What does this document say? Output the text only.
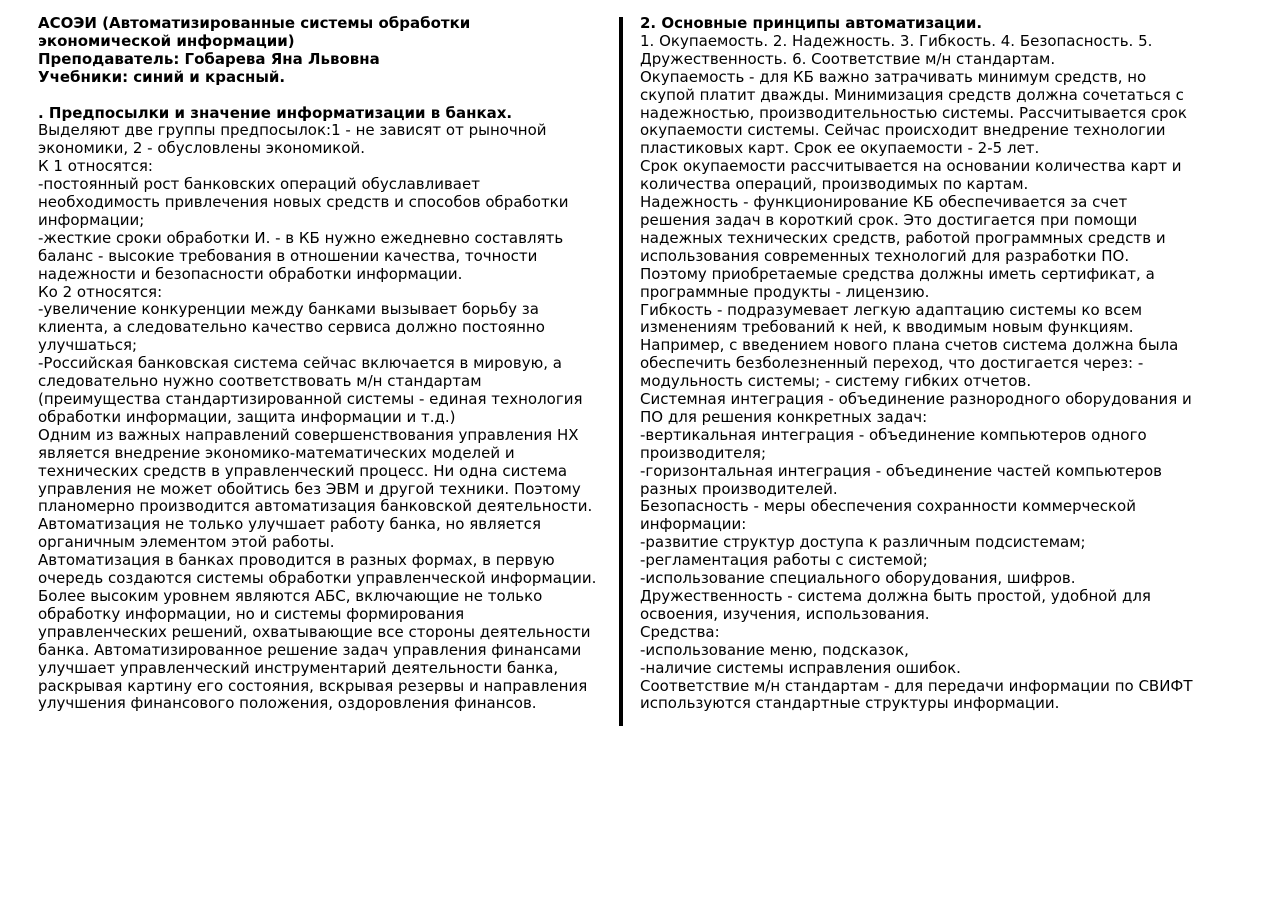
АСОЭИ (Автоматизированные системы обработки
экономической информации)
Преподаватель: Гобарева Яна Львовна
Учебники: синий и красный.
. Предпосылки и значение информатизации в банках.
Выделяют две группы предпосылок:1 - не зависят от рыночной
экономики, 2 - обусловлены экономикой.
К 1 относятся:
-постоянный рост банковских операций обуславливает
необходимость привлечения новых средств и способов обработки
информации;
-жесткие сроки обработки И. - в КБ нужно ежедневно составлять
баланс - высокие требования в отношении качества, точности
надежности и безопасности обработки информации.
Ко 2 относятся:
-увеличение конкуренции между банками вызывает борьбу за
клиента, а следовательно качество сервиса должно постоянно
улучшаться;
-Российская банковская система сейчас включается в мировую, а
следовательно нужно соответствовать м/н стандартам
(преимущества стандартизированной системы - единая технология
обработки информации, защита информации и т.д.)
Одним из важных направлений совершенствования управления НХ
является внедрение экономико-математических моделей и
технических средств в управленческий процесс. Ни одна система
управления не может обойтись без ЭВМ и другой техники. Поэтому
планомерно производится автоматизация банковской деятельности.
Автоматизация не только улучшает работу банка, но является
органичным элементом этой работы.
Автоматизация в банках проводится в разных формах, в первую
очередь создаются системы обработки управленческой информации.
Более высоким уровнем являются АБС, включающие не только
обработку информации, но и системы формирования
управленческих решений, охватывающие все стороны деятельности
банка. Автоматизированное решение задач управления финансами
улучшает управленческий инструментарий деятельности банка,
раскрывая картину его состояния, вскрывая резервы и направления
улучшения финансового положения, оздоровления финансов.
2. Основные принципы автоматизации.
1. Окупаемость. 2. Надежность. 3. Гибкость. 4. Безопасность. 5.
Дружественность. 6. Соответствие м/н стандартам.
Окупаемость - для КБ важно затрачивать минимум средств, но
скупой платит дважды. Минимизация средств должна сочетаться с
надежностью, производительностью системы. Рассчитывается срок
окупаемости системы. Сейчас происходит внедрение технологии
пластиковых карт. Срок ее окупаемости - 2-5 лет.
Срок окупаемости рассчитывается на основании количества карт и
количества операций, производимых по картам.
Надежность - функционирование КБ обеспечивается за счет
решения задач в короткий срок. Это достигается при помощи
надежных технических средств, работой программных средств и
использования современных технологий для разработки ПО.
Поэтому приобретаемые средства должны иметь сертификат, а
программные продукты - лицензию.
Гибкость - подразумевает легкую адаптацию системы ко всем
изменениям требований к ней, к вводимым новым функциям.
Например, с введением нового плана счетов система должна была
обеспечить безболезненный переход, что достигается через: -
модульность системы; - систему гибких отчетов.
Системная интеграция - объединение разнородного оборудования и
ПО для решения конкретных задач:
-вертикальная интеграция - объединение компьютеров одного
производителя;
-горизонтальная интеграция - объединение частей компьютеров
разных производителей.
Безопасность - меры обеспечения сохранности коммерческой
информации:
-развитие структур доступа к различным подсистемам;
-регламентация работы с системой;
-использование специального оборудования, шифров.
Дружественность - система должна быть простой, удобной для
освоения, изучения, использования.
Средства:
-использование меню, подсказок,
-наличие системы исправления ошибок.
Соответствие м/н стандартам - для передачи информации по СВИФТ
используются стандартные структуры информации.
